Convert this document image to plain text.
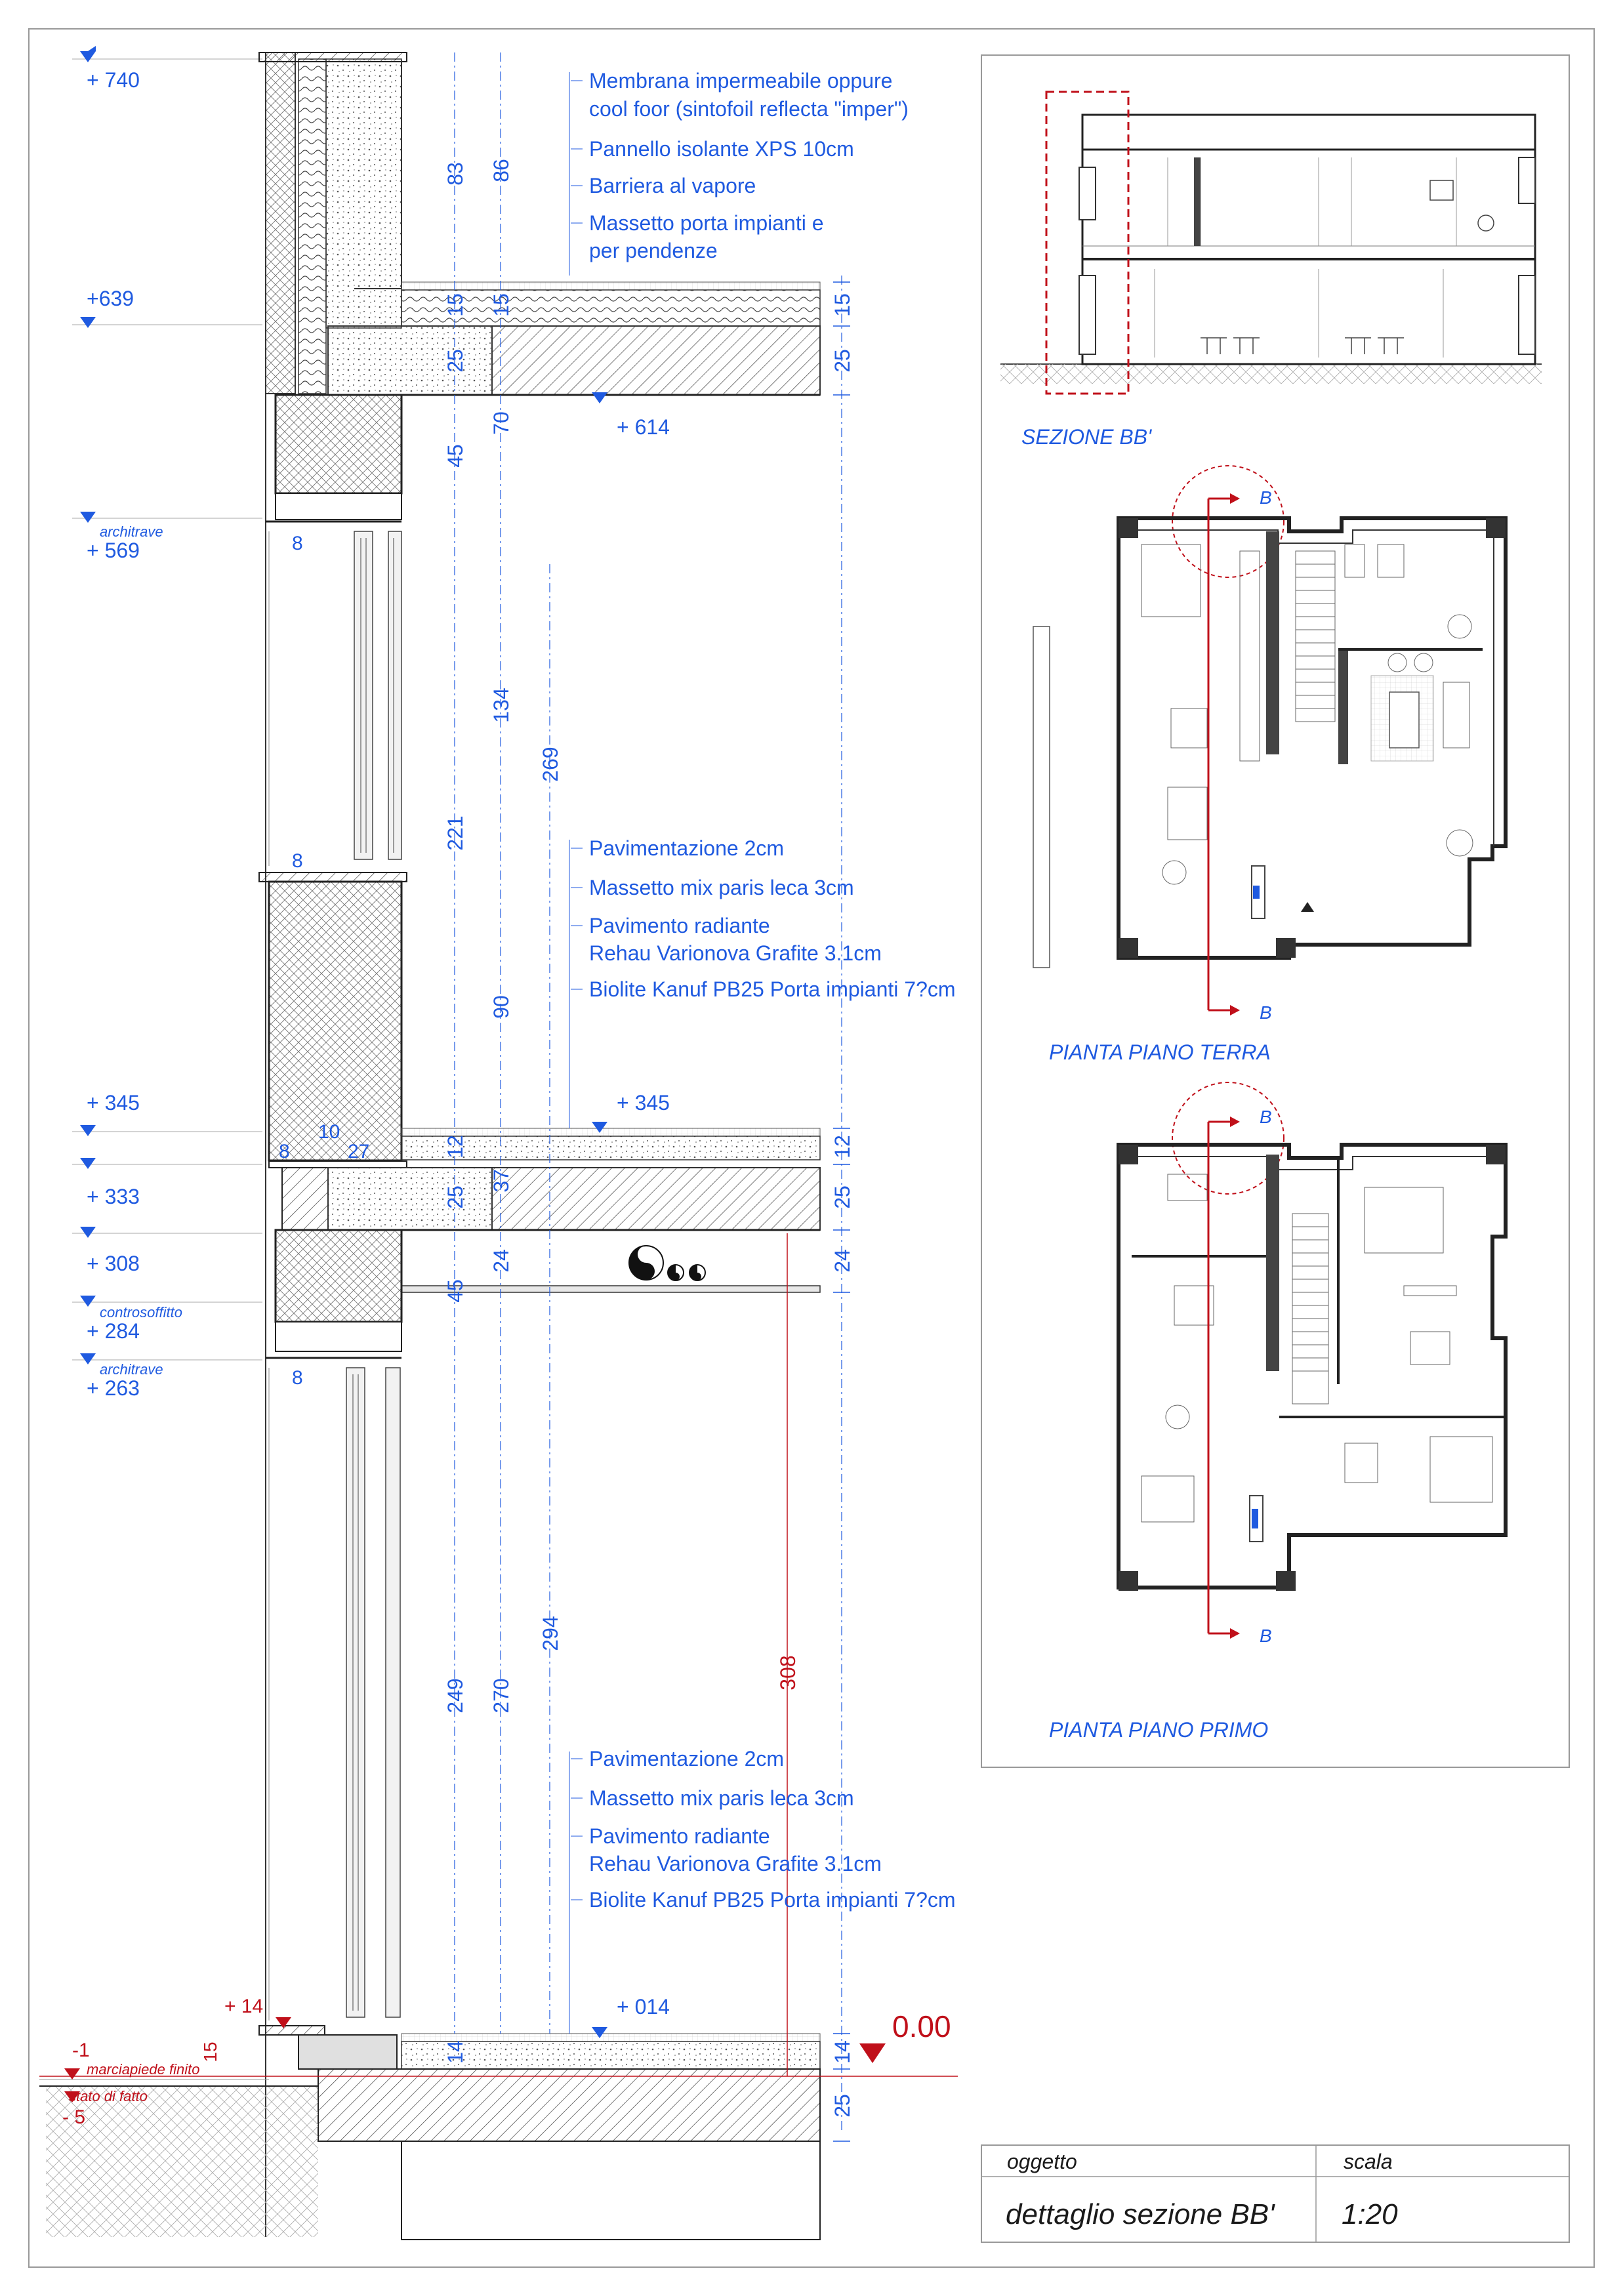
+ 740
+639
architrave
+ 569
+ 345
+ 333
+ 308
controsoffitto
+ 284
architrave
+ 263
-1
marciapiede finito
stato di fatto
- 5
+ 14
15
0.00
+ 614
+ 345
+ 014
Membrana impermeabile oppure
cool foor (sintofoil reflecta "imper")
Pannello isolante XPS 10cm
Barriera al vapore
Massetto porta impianti e
per pendenze
Pavimentazione 2cm
Massetto mix paris leca 3cm
Pavimento radiante
Rehau Varionova Grafite 3.1cm
Biolite Kanuf PB25 Porta impianti 7?cm
Pavimentazione 2cm
Massetto mix paris leca 3cm
Pavimento radiante
Rehau Varionova Grafite 3.1cm
Biolite Kanuf PB25 Porta impianti 7?cm
83 86
15 15	15
25	25
70
45
134
269
221
90
12	12
25
37
25
24	24
45
249 270
294
308
14	14
25
8
8
8
10
27
8
SEZIONE BB'
B
B
PIANTA PIANO TERRA
B
B
PIANTA PIANO PRIMO
oggetto
dettaglio sezione BB'
scala
1:20
